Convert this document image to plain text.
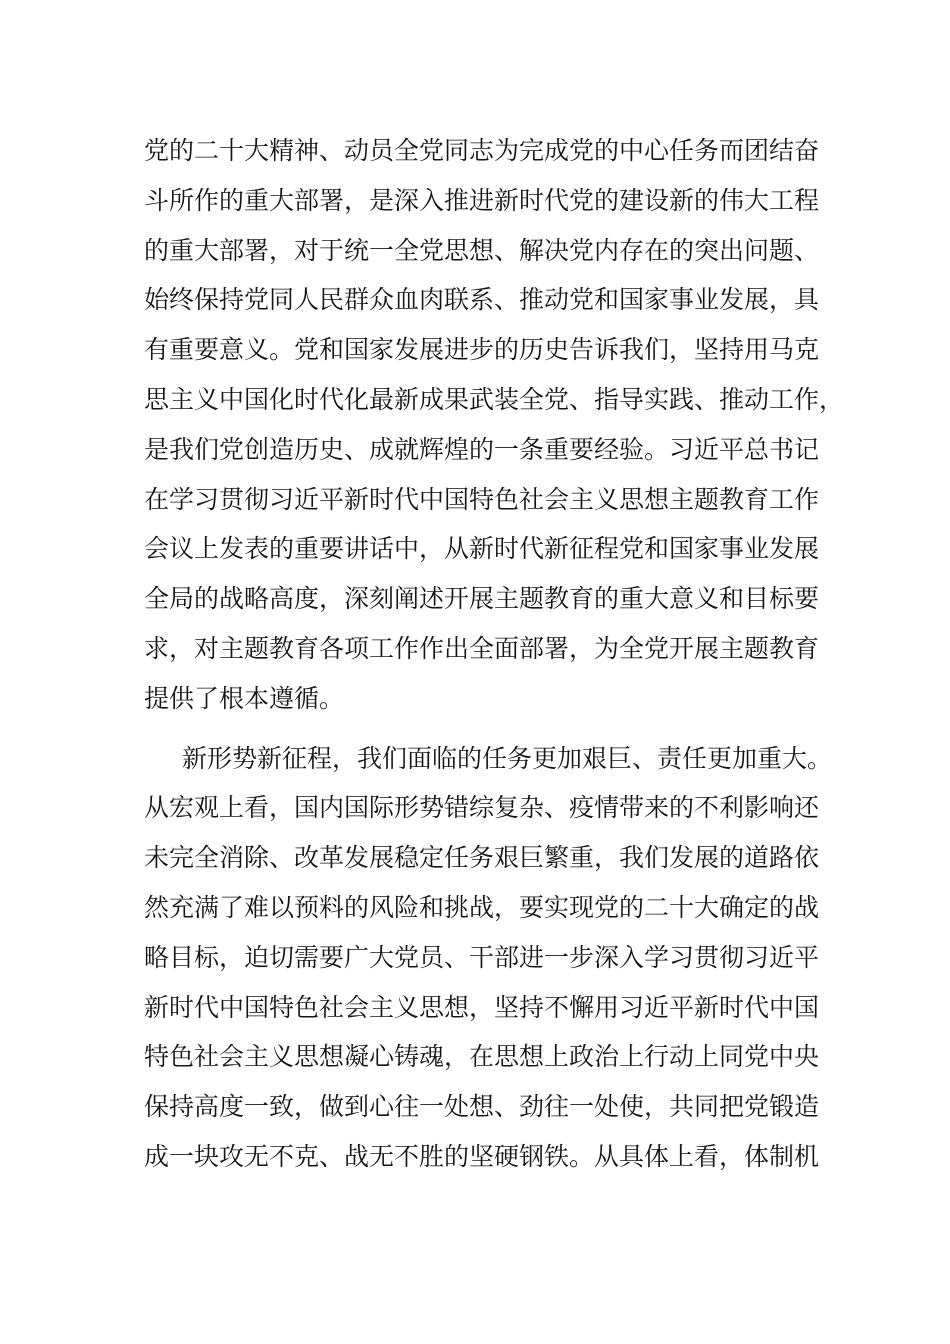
党的二十大精神、动员全党同志为完成党的中心任务而团结奋
斗所作的重大部署，是深入推进新时代党的建设新的伟大工程
的重大部署，对于统一全党思想、解决党内存在的突出问题、
始终保持党同人民群众血肉联系、推动党和国家事业发展，具
有重要意义。党和国家发展进步的历史告诉我们，坚持用马克
思主义中国化时代化最新成果武装全党、指导实践、推动工作，
是我们党创造历史、成就辉煌的一条重要经验。习近平总书记
在学习贯彻习近平新时代中国特色社会主义思想主题教育工作
会议上发表的重要讲话中，从新时代新征程党和国家事业发展
全局的战略高度，深刻阐述开展主题教育的重大意义和目标要
求，对主题教育各项工作作出全面部署，为全党开展主题教育
提供了根本遵循。
新形势新征程，我们面临的任务更加艰巨、责任更加重大。
从宏观上看，国内国际形势错综复杂、疫情带来的不利影响还
未完全消除、改革发展稳定任务艰巨繁重，我们发展的道路依
然充满了难以预料的风险和挑战，要实现党的二十大确定的战
略目标，迫切需要广大党员、干部进一步深入学习贯彻习近平
新时代中国特色社会主义思想，坚持不懈用习近平新时代中国
特色社会主义思想凝心铸魂，在思想上政治上行动上同党中央
保持高度一致，做到心往一处想、劲往一处使，共同把党锻造
成一块攻无不克、战无不胜的坚硬钢铁。从具体上看，体制机
